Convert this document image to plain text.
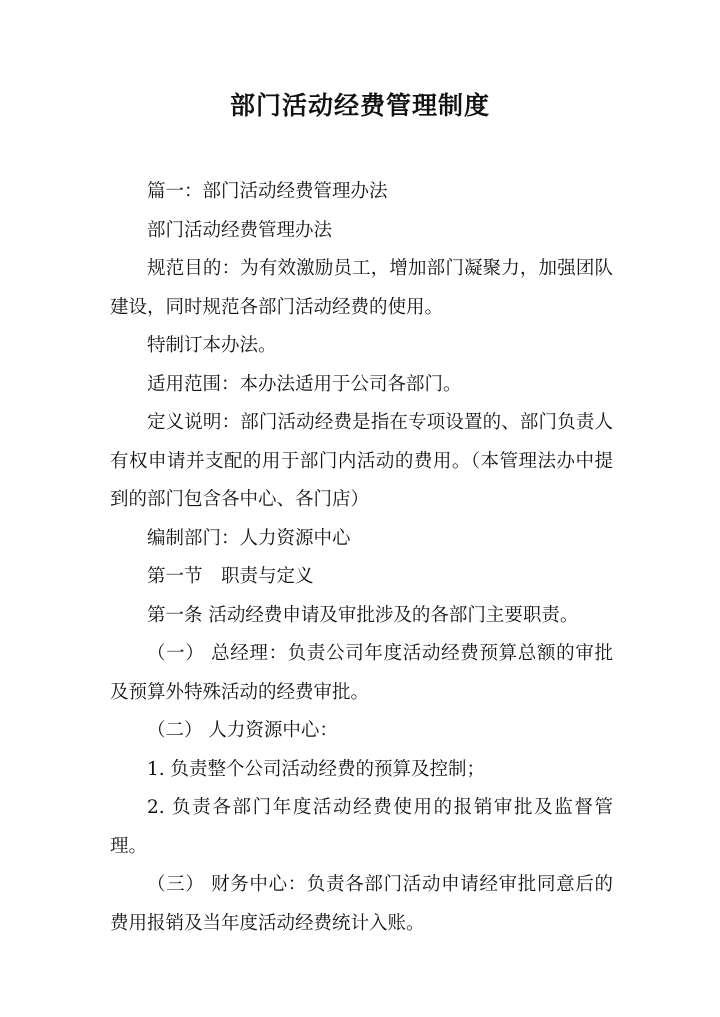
部门活动经费管理制度

篇一：部门活动经费管理办法

部门活动经费管理办法

规范目的：为有效激励员工，增加部门凝聚力，加强团队建设，同时规范各部门活动经费的使用。

特制订本办法。

适用范围：本办法适用于公司各部门。

定义说明：部门活动经费是指在专项设置的、部门负责人有权申请并支配的用于部门内活动的费用。（本管理法办中提到的部门包含各中心、各门店）

编制部门：人力资源中心

第一节　职责与定义

第一条 活动经费申请及审批涉及的各部门主要职责。

（一） 总经理：负责公司年度活动经费预算总额的审批及预算外特殊活动的经费审批。

（二） 人力资源中心：

1. 负责整个公司活动经费的预算及控制；

2. 负责各部门年度活动经费使用的报销审批及监督管理。

（三） 财务中心：负责各部门活动申请经审批同意后的费用报销及当年度活动经费统计入账。
